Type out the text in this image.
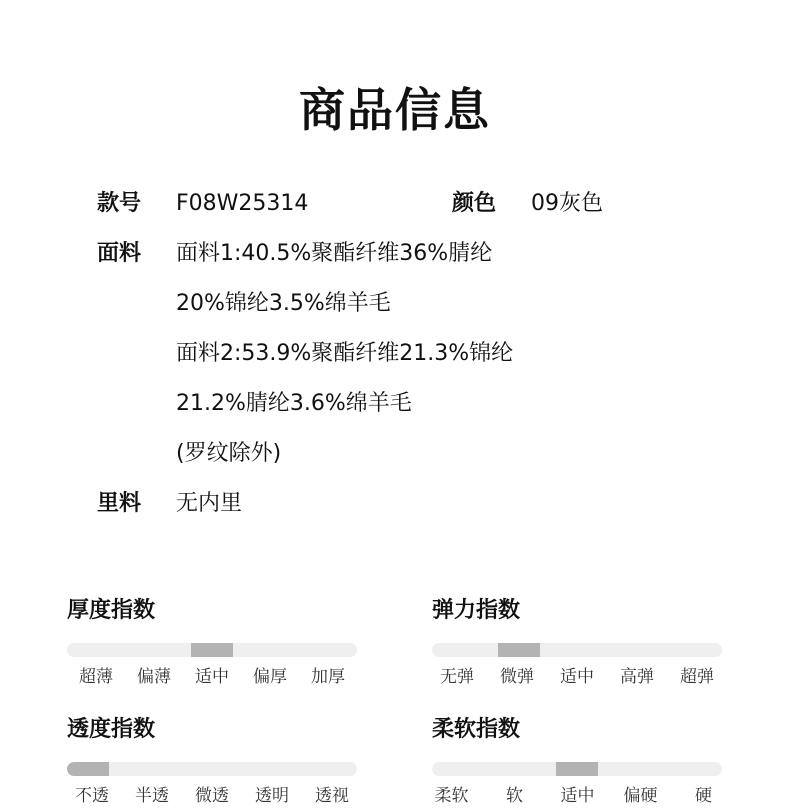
商品信息
款号 F08W25314	颜色 09灰色
面料 面料1:40.5%聚酯纤维36%腈纶
20%锦纶3.5%绵羊毛
面料2:53.9%聚酯纤维21.3%锦纶
21.2%腈纶3.6%绵羊毛
(罗纹除外)
里料 无内里
厚度指数
超薄 偏薄 适中 偏厚 加厚
弹力指数
无弹 微弹 适中 高弹 超弹
透度指数
不透 半透 微透 透明 透视
柔软指数
柔软 软 适中 偏硬 硬
